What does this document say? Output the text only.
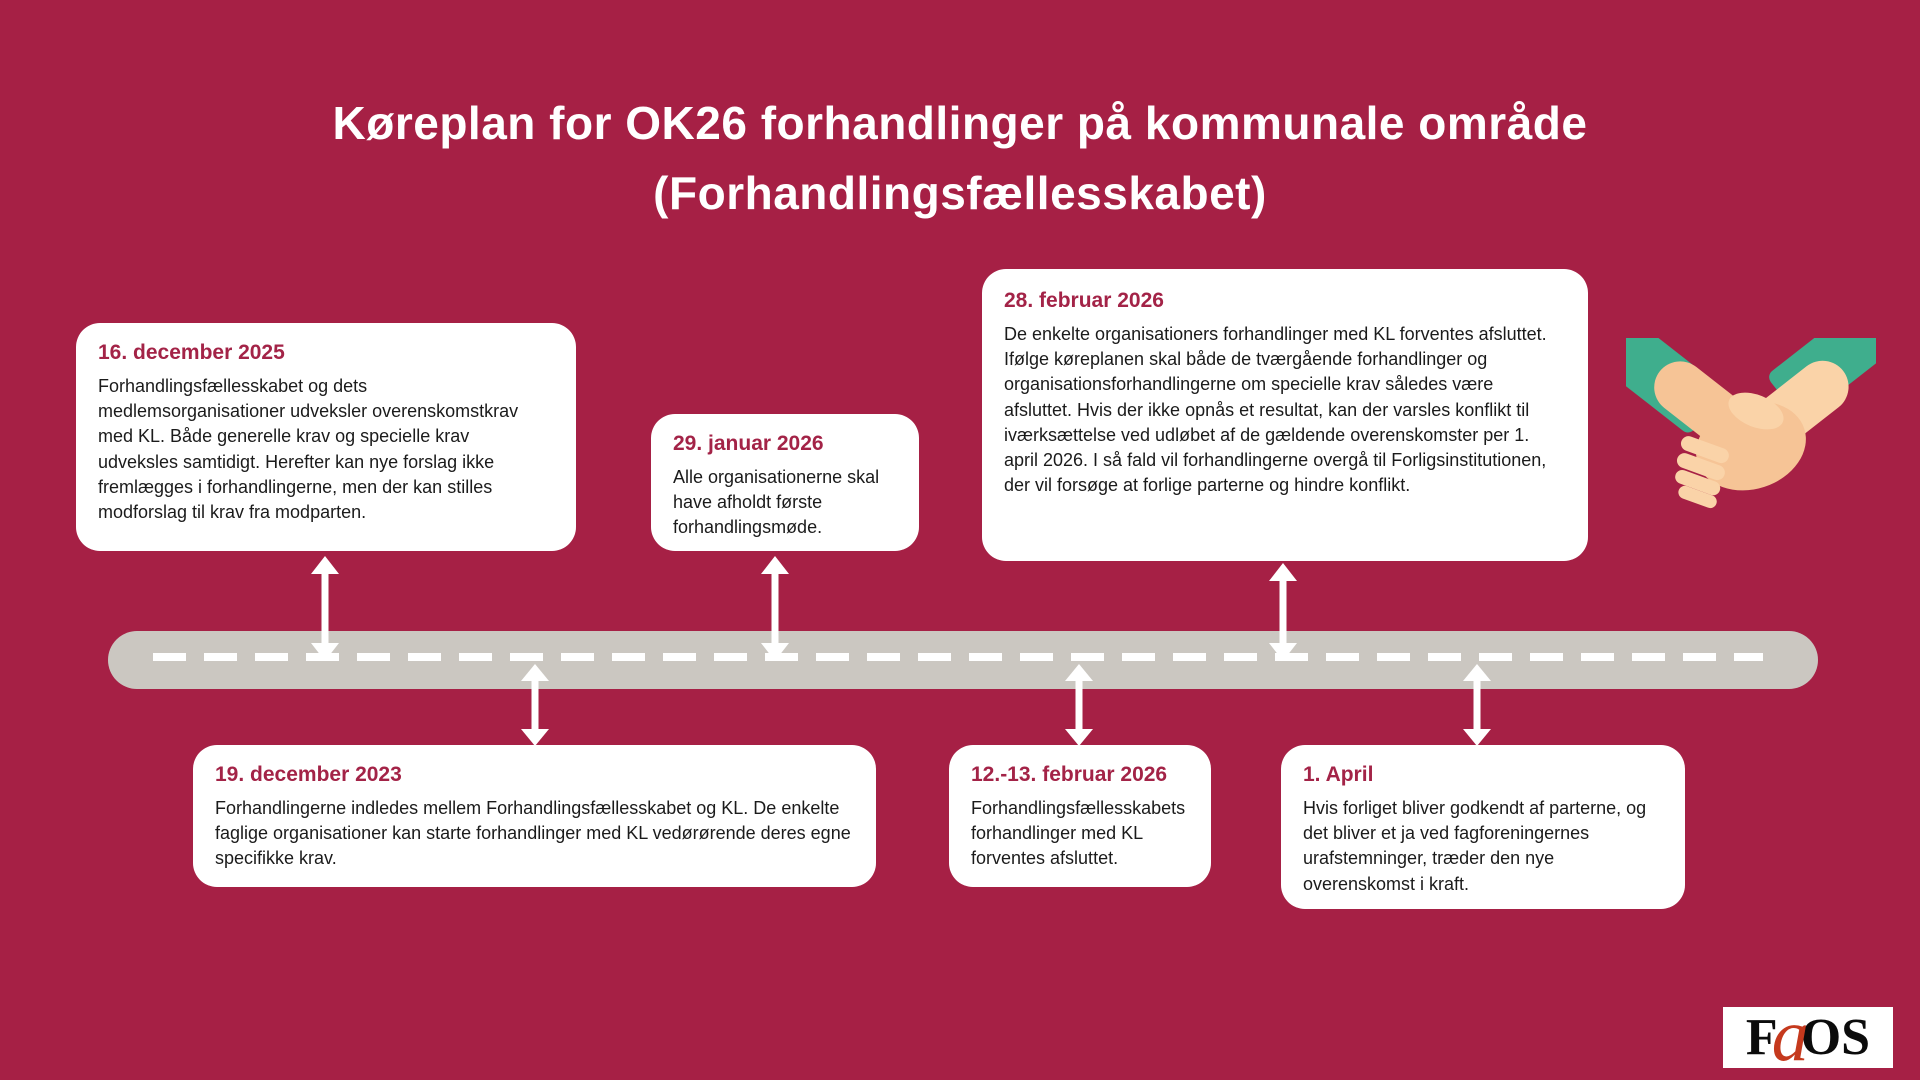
Køreplan for OK26 forhandlinger på kommunale område
(Forhandlingsfællesskabet)
16. december 2025
Forhandlingsfællesskabet og dets medlemsorganisationer udveksler overenskomstkrav med KL. Både generelle krav og specielle krav udveksles samtidigt. Herefter kan nye forslag ikke fremlægges i forhandlingerne, men der kan stilles modforslag til krav fra modparten.
29. januar 2026
Alle organisationerne skal have afholdt første forhandlingsmøde.
28. februar 2026
De enkelte organisationers forhandlinger med KL forventes afsluttet. Ifølge køreplanen skal både de tværgående forhandlinger og organisationsforhandlingerne om specielle krav således være afsluttet. Hvis der ikke opnås et resultat, kan der varsles konflikt til iværksættelse ved udløbet af de gældende overenskomster per 1. april 2026. I så fald vil forhandlingerne overgå til Forligsinstitutionen, der vil forsøge at forlige parterne og hindre konflikt.
19. december 2023
Forhandlingerne indledes mellem Forhandlingsfællesskabet og KL. De enkelte faglige organisationer kan starte forhandlinger med KL vedørørende deres egne specifikke krav.
12.-13. februar 2026
Forhandlingsfællesskabets forhandlinger med KL forventes afsluttet.
1. April
Hvis forliget bliver godkendt af parterne, og det bliver et ja ved fagforeningernes urafstemninger, træder den nye overenskomst i kraft.
F
a
OS
